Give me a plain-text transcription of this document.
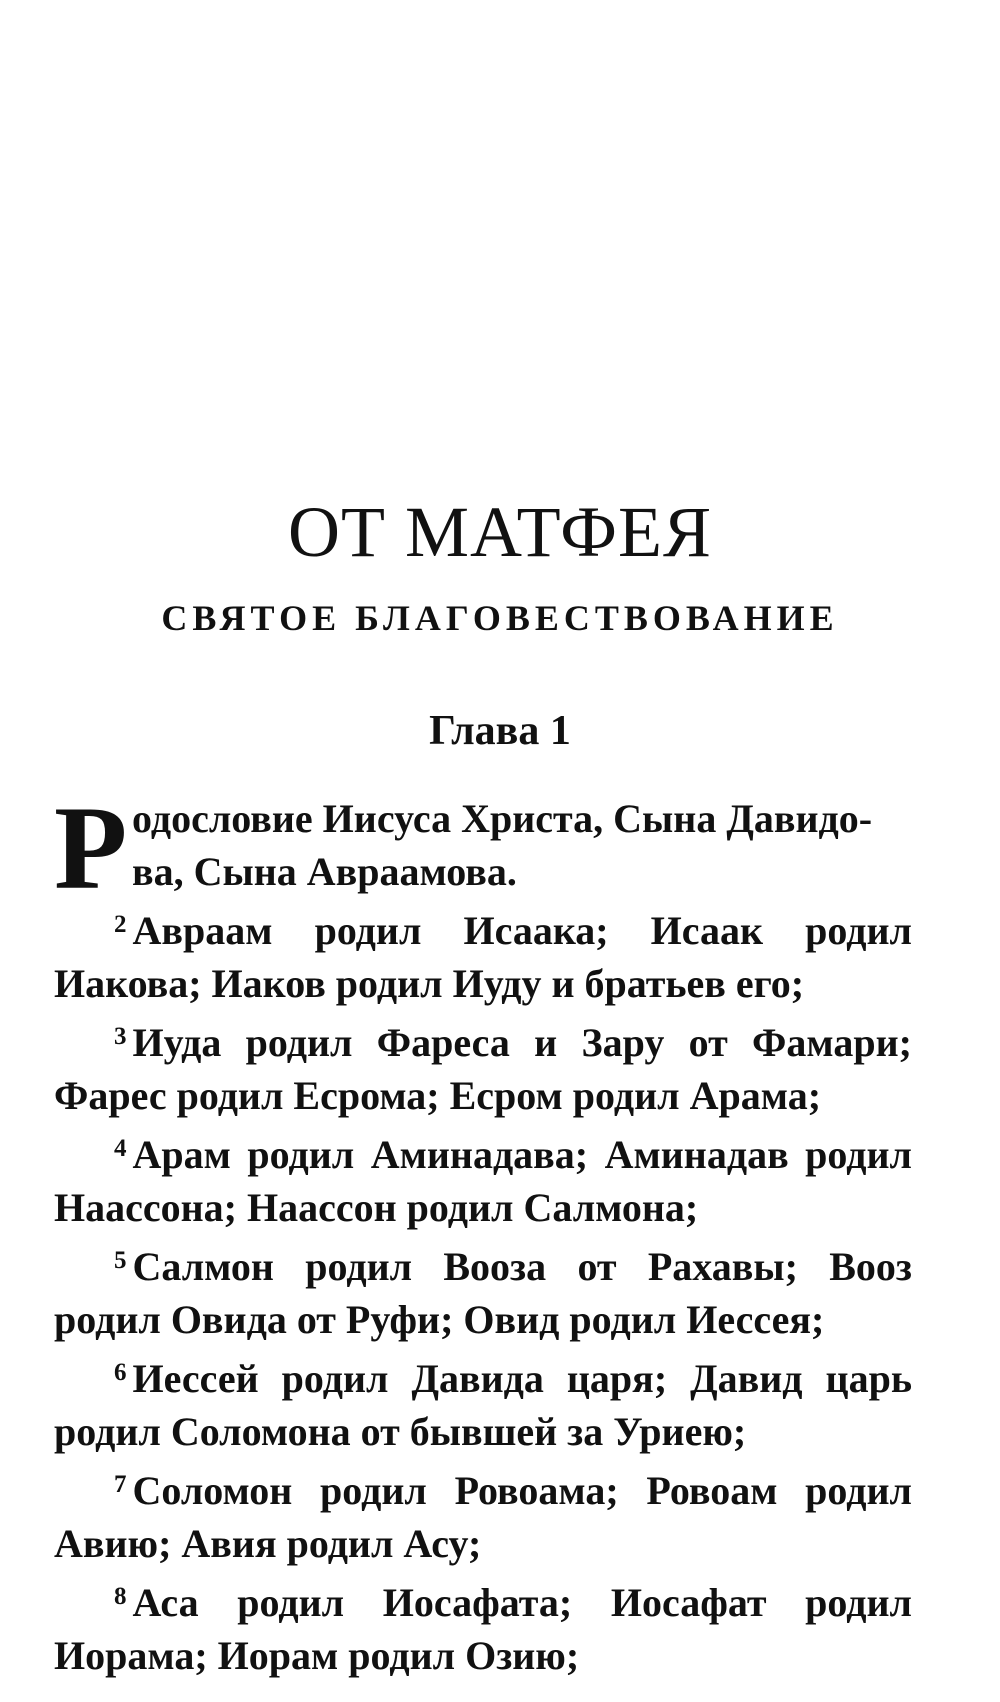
ОТ МАТФЕЯ
СВЯТОЕ БЛАГОВЕСТВОВАНИЕ
Глава 1
Р одословие Иисуса Христа, Сына Давидо-
ва, Сына Авраамова.

$^2$ Авраам родил Исаака; Исаак родил Иакова; Иаков родил Иуду и братьев его;

$^3$ Иуда родил Фареса и Зару от Фамари; Фарес родил Есрома; Есром родил Арама;

$^4$ Арам родил Аминадава; Аминадав родил Наассона; Наассон родил Салмона;

$^5$ Салмон родил Вооза от Рахавы; Вооз родил Овида от Руфи; Овид родил Иессея;

$^6$ Иессей родил Давида царя; Давид царь родил Соломона от бывшей за Уриею;

$^7$ Соломон родил Ровоама; Ровоам родил Авию; Авия родил Асу;

$^8$ Аса родил Иосафата; Иосафат родил Иорама; Иорам родил Озию;
